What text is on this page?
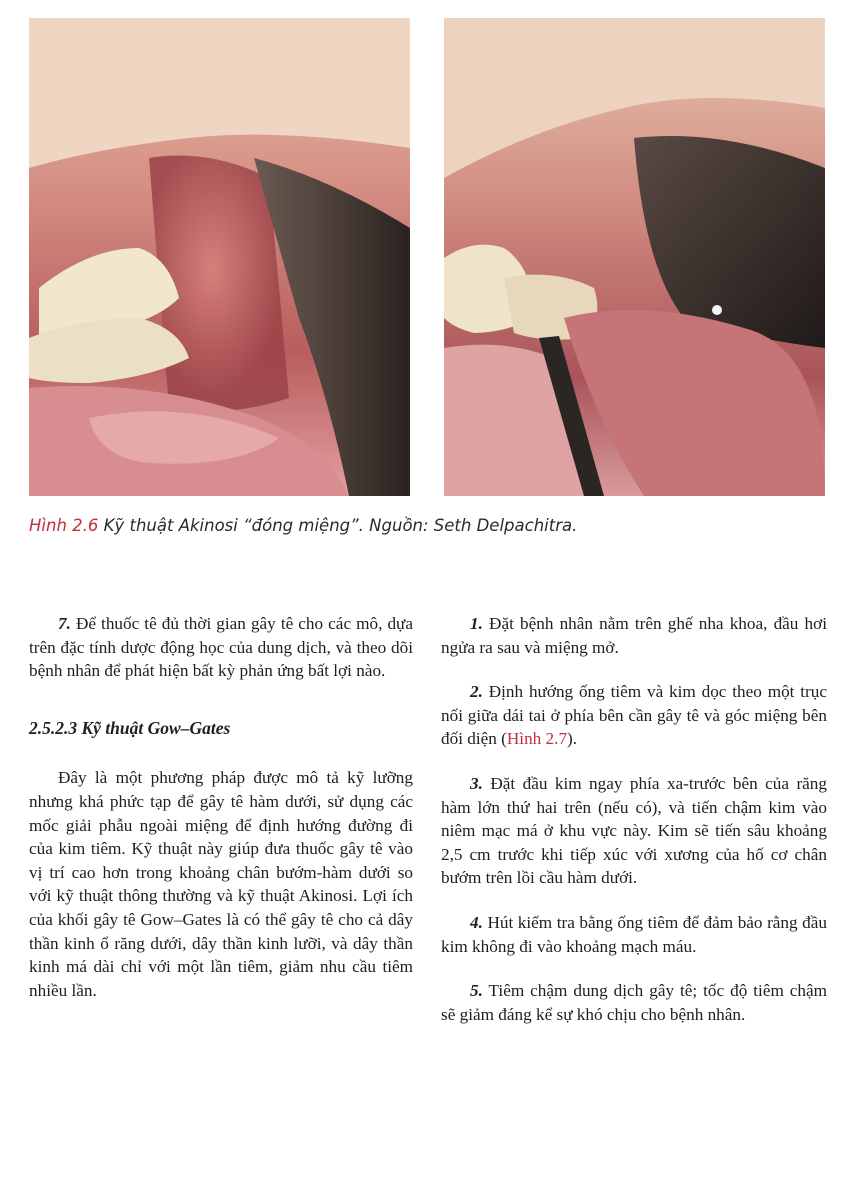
Hình 2.6 Kỹ thuật Akinosi “đóng miệng”. Nguồn: Seth Delpachitra.

7. Để thuốc tê đủ thời gian gây tê cho các mô, dựa trên đặc tính dược động học của dung dịch, và theo dõi bệnh nhân để phát hiện bất kỳ phản ứng bất lợi nào.

2.5.2.3 Kỹ thuật Gow–Gates

Đây là một phương pháp được mô tả kỹ lưỡng nhưng khá phức tạp để gây tê hàm dưới, sử dụng các mốc giải phẫu ngoài miệng để định hướng đường đi của kim tiêm. Kỹ thuật này giúp đưa thuốc gây tê vào vị trí cao hơn trong khoảng chân bướm-hàm dưới so với kỹ thuật thông thường và kỹ thuật Akinosi. Lợi ích của khối gây tê Gow–Gates là có thể gây tê cho cả dây thần kinh ổ răng dưới, dây thần kinh lưỡi, và dây thần kinh má dài chỉ với một lần tiêm, giảm nhu cầu tiêm nhiều lần.

1. Đặt bệnh nhân nằm trên ghế nha khoa, đầu hơi ngửa ra sau và miệng mở.

2. Định hướng ống tiêm và kim dọc theo một trục nối giữa dái tai ở phía bên cần gây tê và góc miệng bên đối diện (Hình 2.7).

3. Đặt đầu kim ngay phía xa-trước bên của răng hàm lớn thứ hai trên (nếu có), và tiến chậm kim vào niêm mạc má ở khu vực này. Kim sẽ tiến sâu khoảng 2,5 cm trước khi tiếp xúc với xương của hố cơ chân bướm trên lồi cầu hàm dưới.

4. Hút kiểm tra bằng ống tiêm để đảm bảo rằng đầu kim không đi vào khoảng mạch máu.

5. Tiêm chậm dung dịch gây tê; tốc độ tiêm chậm sẽ giảm đáng kể sự khó chịu cho bệnh nhân.
